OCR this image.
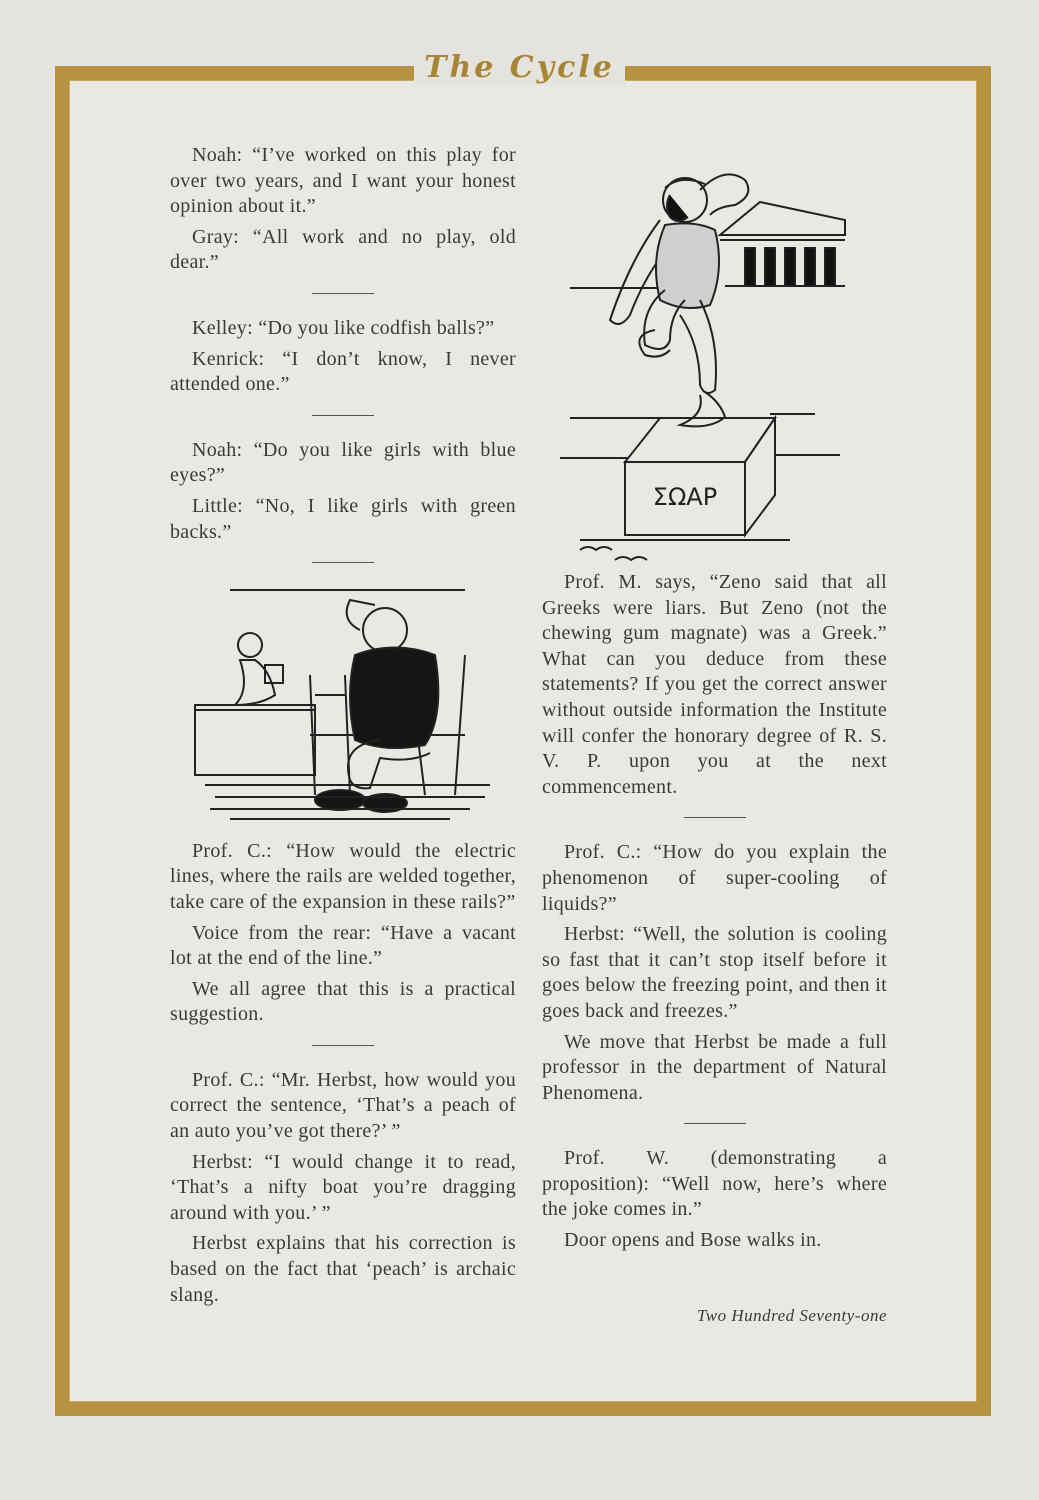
The Cycle
ΣΩΑΡ

Noah: “I’ve worked on this play for over two years, and I want your honest opinion about it.”

Gray: “All work and no play, old dear.”

Kelley: “Do you like codfish balls?”

Kenrick: “I don’t know, I never attended one.”

Noah: “Do you like girls with blue eyes?”

Little: “No, I like girls with green backs.”

Prof. C.: “How would the electric lines, where the rails are welded together, take care of the expansion in these rails?”

Voice from the rear: “Have a vacant lot at the end of the line.”

We all agree that this is a practical suggestion.

Prof. C.: “Mr. Herbst, how would you correct the sentence, ‘That’s a peach of an auto you’ve got there?’ ”

Herbst: “I would change it to read, ‘That’s a nifty boat you’re dragging around with you.’ ”

Herbst explains that his correction is based on the fact that ‘peach’ is archaic slang.

Prof. M. says, “Zeno said that all Greeks were liars. But Zeno (not the chewing gum magnate) was a Greek.” What can you deduce from these statements? If you get the correct answer without outside information the Institute will confer the honorary degree of R. S. V. P. upon you at the next commencement.

Prof. C.: “How do you explain the phenomenon of super-cooling of liquids?”

Herbst: “Well, the solution is cooling so fast that it can’t stop itself before it goes below the freezing point, and then it goes back and freezes.”

We move that Herbst be made a full professor in the department of Natural Phenomena.

Prof. W. (demonstrating a proposition): “Well now, here’s where the joke comes in.”

Door opens and Bose walks in.

Two Hundred Seventy-one
